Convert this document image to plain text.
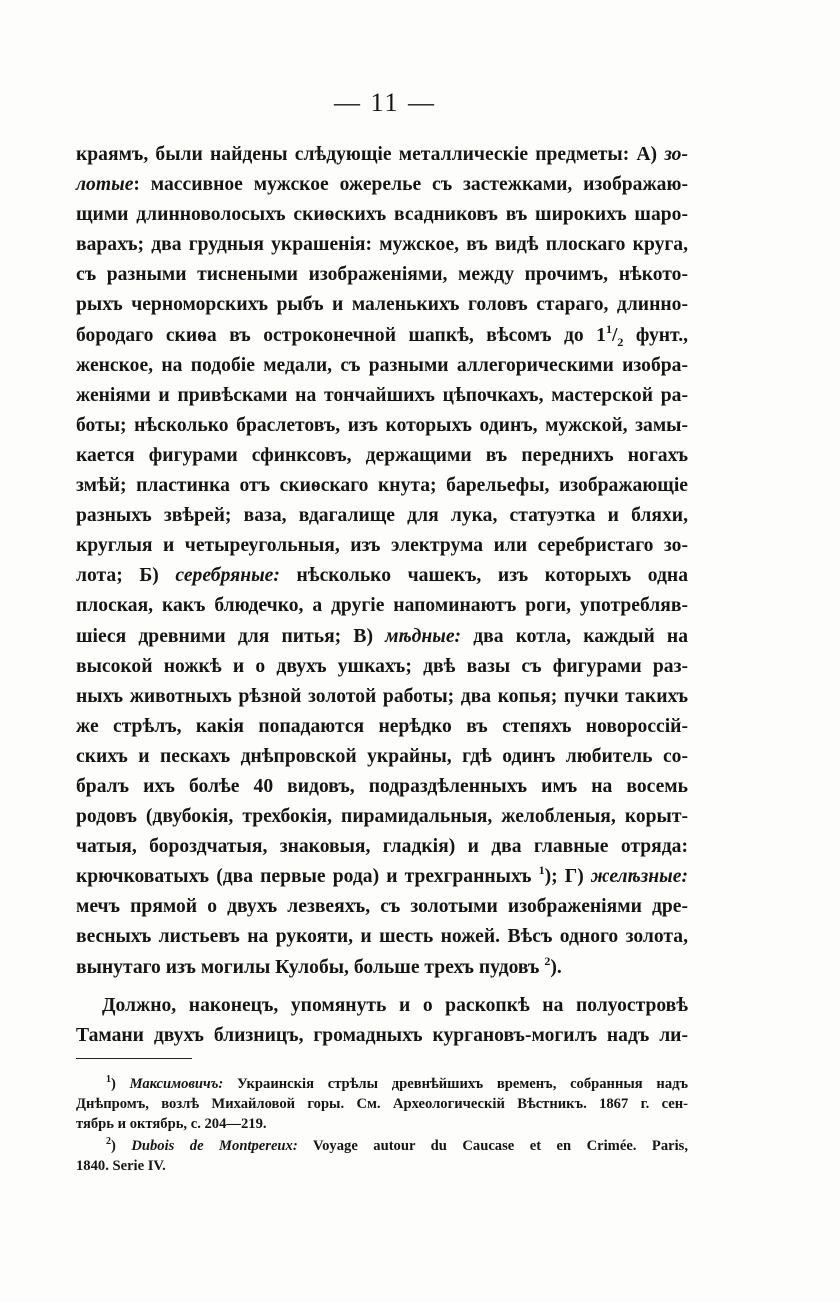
— 11 —
краямъ, были найдены слѣдующіе металлическіе предметы: А) зо-
лотые: массивное мужское ожерелье съ застежками, изображаю-
щими длинноволосыхъ скиѳскихъ всадниковъ въ широкихъ шаро-
варахъ; два грудныя украшенія: мужское, въ видѣ плоскаго круга,
съ разными тиснеными изображеніями, между прочимъ, нѣкото-
рыхъ черноморскихъ рыбъ и маленькихъ головъ стараго, длинно-
бородаго скиѳа въ остроконечной шапкѣ, вѣсомъ до $1^1/_2$ фунт.,
женское, на подобіе медали, съ разными аллегорическими изобра-
женіями и привѣсками на тончайшихъ цѣпочкахъ, мастерской ра-
боты; нѣсколько браслетовъ, изъ которыхъ одинъ, мужской, замы-
кается фигурами сфинксовъ, держащими въ переднихъ ногахъ
змѣй; пластинка отъ скиѳскаго кнута; барельефы, изображающіе
разныхъ звѣрей; ваза, вдагалище для лука, статуэтка и бляхи,
круглыя и четыреугольныя, изъ электрума или серебристаго зо-
лота; Б) серебряные: нѣсколько чашекъ, изъ которыхъ одна
плоская, какъ блюдечко, а другіе напоминаютъ роги, употребляв-
шіеся древними для питья; В) мѣдные: два котла, каждый на
высокой ножкѣ и о двухъ ушкахъ; двѣ вазы съ фигурами раз-
ныхъ животныхъ рѣзной золотой работы; два копья; пучки такихъ
же стрѣлъ, какія попадаются нерѣдко въ степяхъ новороссій-
скихъ и пескахъ днѣпровской украйны, гдѣ одинъ любитель со-
бралъ ихъ болѣе 40 видовъ, подраздѣленныхъ имъ на восемь
родовъ (двубокія, трехбокія, пирамидальныя, желобленыя, корыт-
чатыя, бороздчатыя, знаковыя, гладкія) и два главные отряда:
крючковатыхъ (два первые рода) и трехгранныхъ $^1$); Г) желѣзные:
мечъ прямой о двухъ лезвеяхъ, съ золотыми изображеніями дре-
весныхъ листьевъ на рукояти, и шесть ножей. Вѣсъ одного золота,
вынутаго изъ могилы Кулобы, больше трехъ пудовъ $^2$).
Должно, наконецъ, упомянуть и о раскопкѣ на полуостровѣ
Тамани двухъ близницъ, громадныхъ кургановъ-могилъ надъ ли-
$^1$) Максимовичъ: Украинскія стрѣлы древнѣйшихъ временъ, собранныя надъ
Днѣпромъ, возлѣ Михайловой горы. См. Археологическій Вѣстникъ. 1867 г. сен-
тябрь и октябрь, с. 204—219.
$^2$) Dubois de Montpereux: Voyage autour du Caucase et en Crimée. Paris,
1840. Serie IV.
